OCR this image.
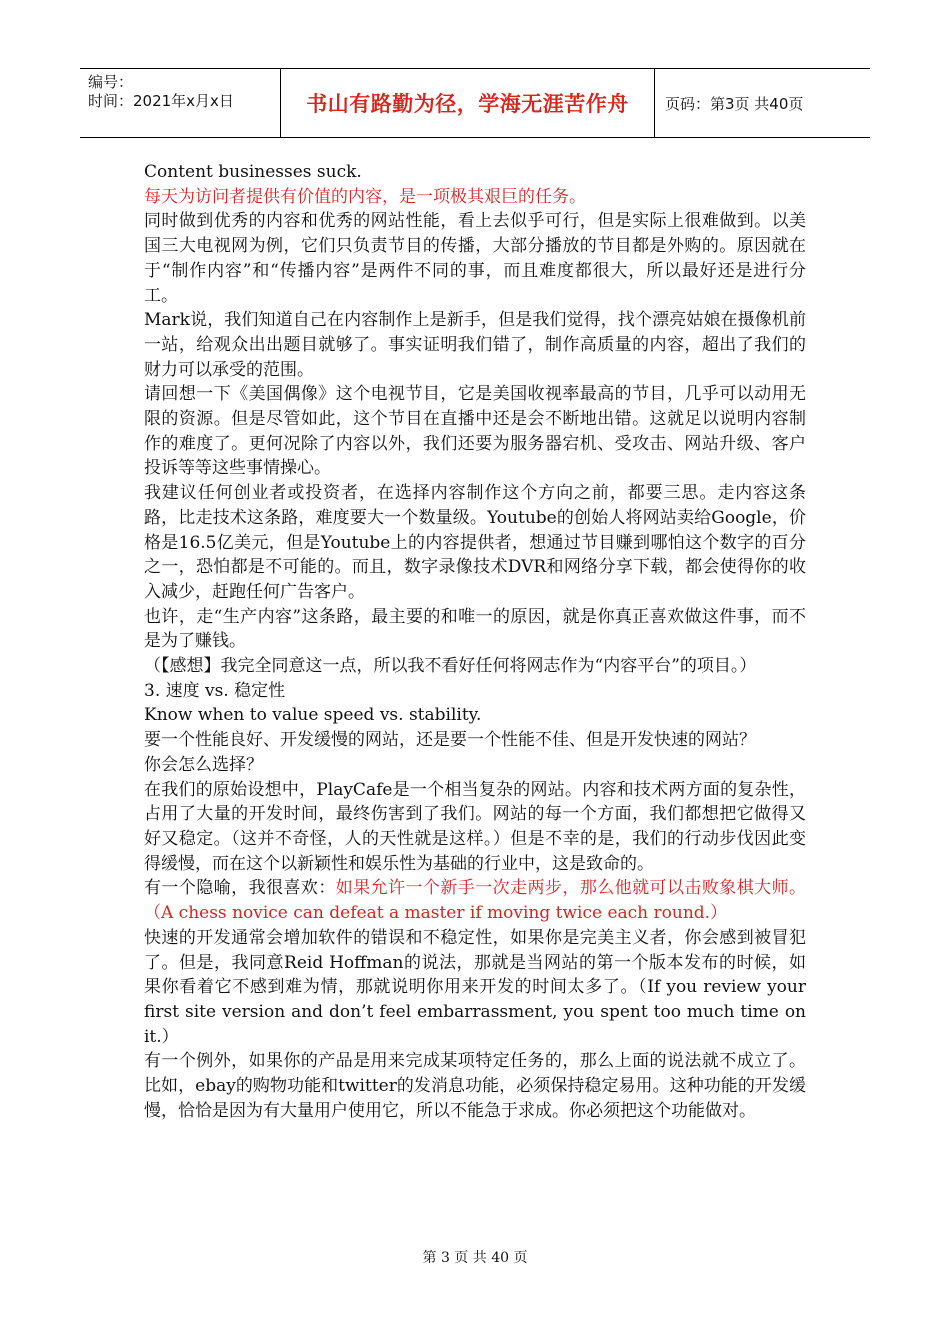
编号：
时间：2021年x月x日	书山有路勤为径，学海无涯苦作舟	页码：第3页 共40页

Content businesses suck.

每天为访问者提供有价值的内容，是一项极其艰巨的任务。

同时做到优秀的内容和优秀的网站性能，看上去似乎可行，但是实际上很难做到。以美国三大电视网为例，它们只负责节目的传播，大部分播放的节目都是外购的。原因就在于“制作内容”和“传播内容”是两件不同的事，而且难度都很大，所以最好还是进行分工。

Mark说，我们知道自己在内容制作上是新手，但是我们觉得，找个漂亮姑娘在摄像机前一站，给观众出出题目就够了。事实证明我们错了，制作高质量的内容，超出了我们的财力可以承受的范围。

请回想一下《美国偶像》这个电视节目，它是美国收视率最高的节目，几乎可以动用无限的资源。但是尽管如此，这个节目在直播中还是会不断地出错。这就足以说明内容制作的难度了。更何况除了内容以外，我们还要为服务器宕机、受攻击、网站升级、客户投诉等等这些事情操心。

我建议任何创业者或投资者，在选择内容制作这个方向之前，都要三思。走内容这条路，比走技术这条路，难度要大一个数量级。Youtube的创始人将网站卖给Google，价格是16.5亿美元，但是Youtube上的内容提供者，想通过节目赚到哪怕这个数字的百分之一，恐怕都是不可能的。而且，数字录像技术DVR和网络分享下载，都会使得你的收入减少，赶跑任何广告客户。

也许，走“生产内容”这条路，最主要的和唯一的原因，就是你真正喜欢做这件事，而不是为了赚钱。

（【感想】我完全同意这一点，所以我不看好任何将网志作为“内容平台”的项目。）

3. 速度 vs. 稳定性

Know when to value speed vs. stability.

要一个性能良好、开发缓慢的网站，还是要一个性能不佳、但是开发快速的网站？

你会怎么选择？

在我们的原始设想中，PlayCafe是一个相当复杂的网站。内容和技术两方面的复杂性，占用了大量的开发时间，最终伤害到了我们。网站的每一个方面，我们都想把它做得又好又稳定。（这并不奇怪，人的天性就是这样。）但是不幸的是，我们的行动步伐因此变得缓慢，而在这个以新颖性和娱乐性为基础的行业中，这是致命的。

有一个隐喻，我很喜欢：如果允许一个新手一次走两步，那么他就可以击败象棋大师。（A chess novice can defeat a master if moving twice each round.）

快速的开发通常会增加软件的错误和不稳定性，如果你是完美主义者，你会感到被冒犯了。但是，我同意Reid Hoffman的说法，那就是当网站的第一个版本发布的时候，如果你看着它不感到难为情，那就说明你用来开发的时间太多了。（If you review your first site version and don’t feel embarrassment, you spent too much time on it.）

有一个例外，如果你的产品是用来完成某项特定任务的，那么上面的说法就不成立了。比如，ebay的购物功能和twitter的发消息功能，必须保持稳定易用。这种功能的开发缓慢，恰恰是因为有大量用户使用它，所以不能急于求成。你必须把这个功能做对。

第 3 页 共 40 页
